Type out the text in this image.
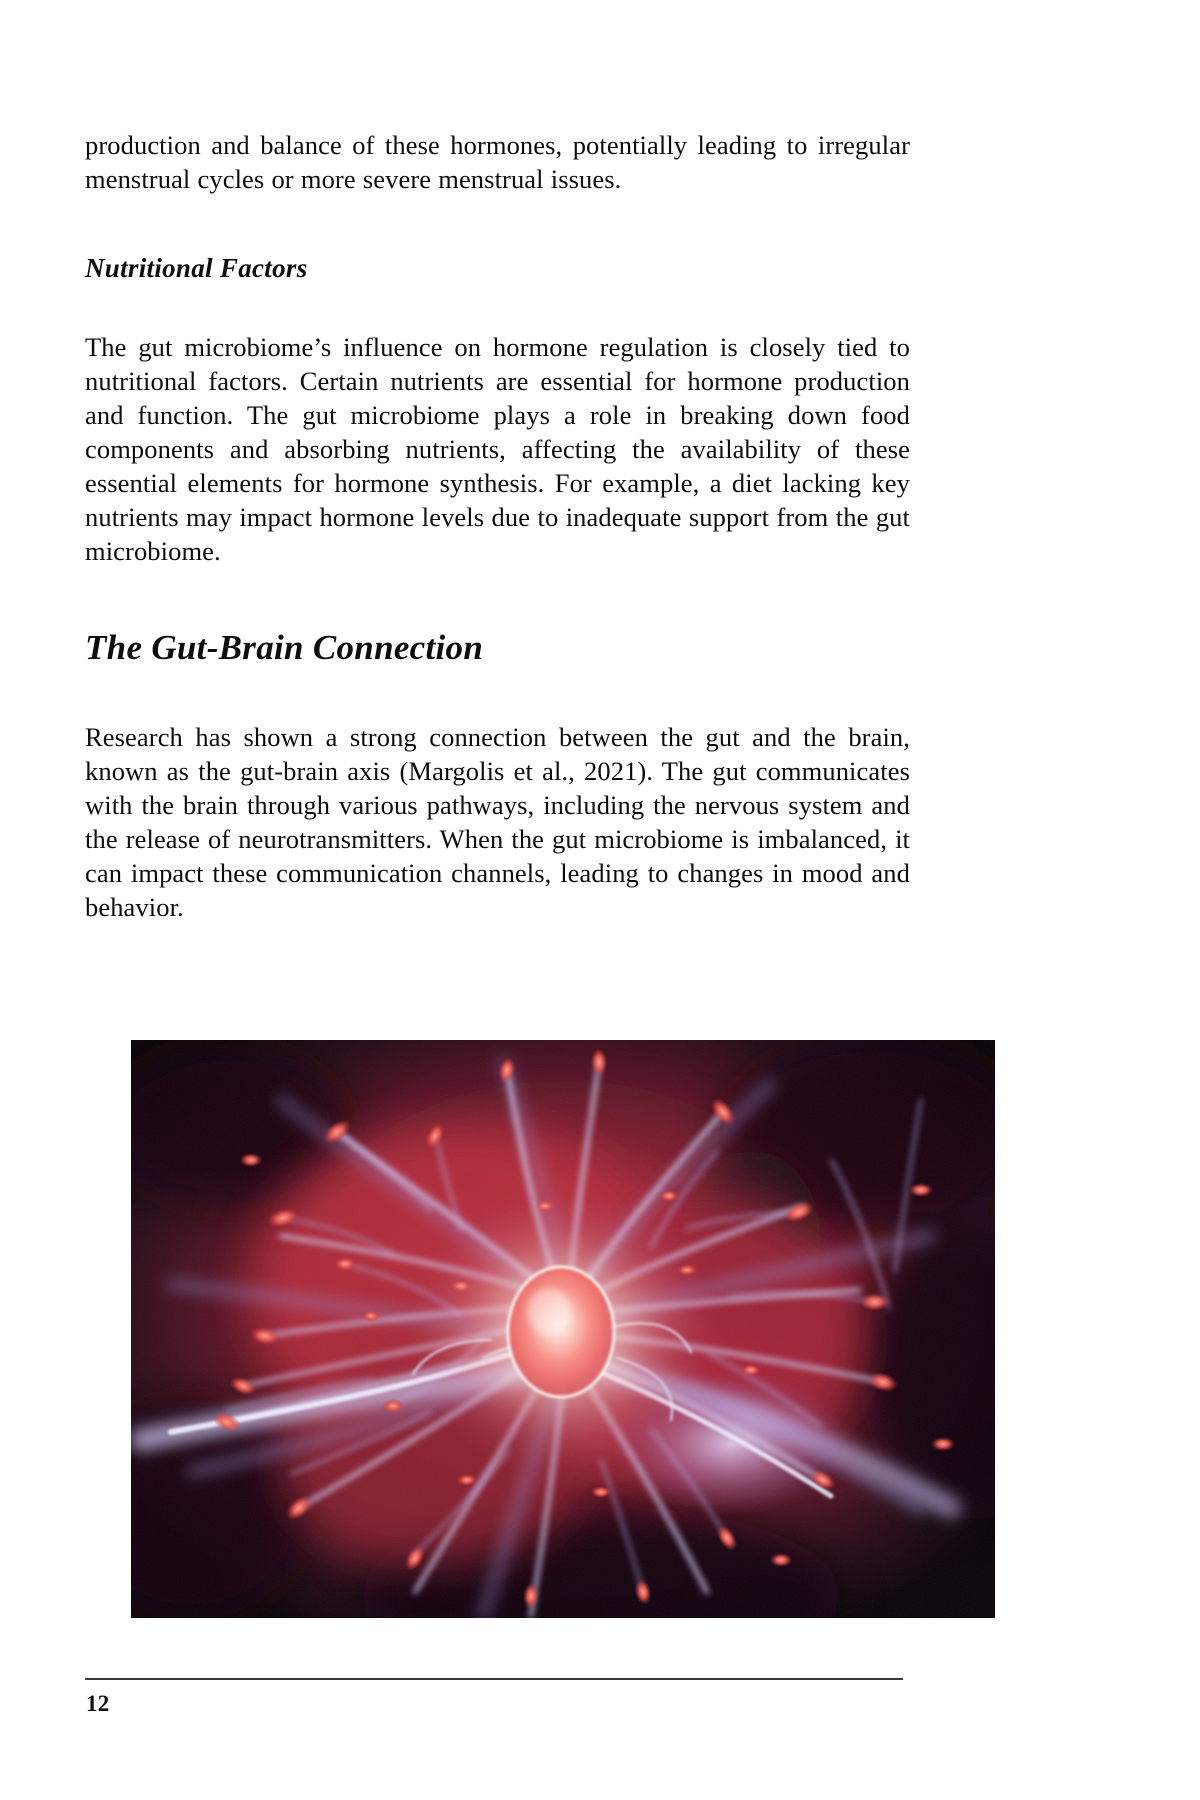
production and balance of these hormones, potentially leading to irregular menstrual cycles or more severe menstrual issues.

Nutritional Factors

The gut microbiome’s influence on hormone regulation is closely tied to nutritional factors. Certain nutrients are essential for hormone production and function. The gut microbiome plays a role in breaking down food components and absorbing nutrients, affecting the availability of these essential elements for hormone synthesis. For example, a diet lacking key nutrients may impact hormone levels due to inadequate support from the gut microbiome.

The Gut-Brain Connection

Research has shown a strong connection between the gut and the brain, known as the gut-brain axis (Margolis et al., 2021). The gut communicates with the brain through various pathways, including the nervous system and the release of neurotransmitters. When the gut microbiome is imbalanced, it can impact these communication channels, leading to changes in mood and behavior.

12
